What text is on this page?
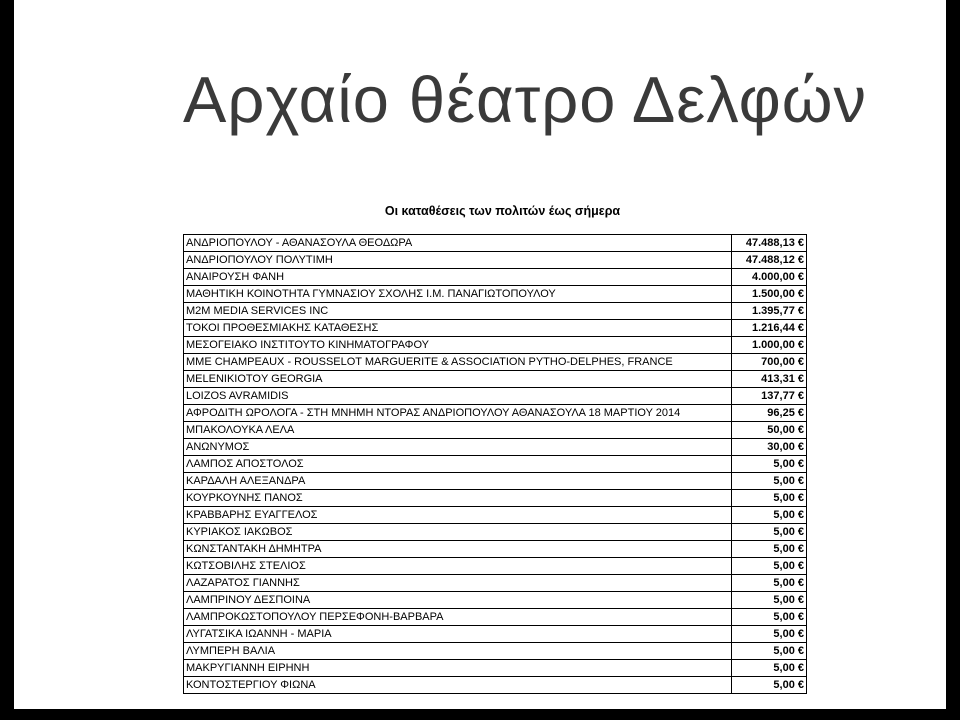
Αρχαίο θέατρο Δελφών
Οι καταθέσεις των πολιτών έως σήμερα
ΑΝΔΡΙΟΠΟΥΛΟΥ - ΑΘΑΝΑΣΟΥΛΑ ΘΕΟΔΩΡΑ	47.488,13 €
ΑΝΔΡΙΟΠΟΥΛΟΥ ΠΟΛΥΤΙΜΗ	47.488,12 €
ΑΝΑΙΡΟΥΣΗ ΦΑΝΗ	4.000,00 €
ΜΑΘΗΤΙΚΗ ΚΟΙΝΟΤΗΤΑ ΓΥΜΝΑΣΙΟΥ ΣΧΟΛΗΣ Ι.Μ. ΠΑΝΑΓΙΩΤΟΠΟΥΛΟΥ	1.500,00 €
M2M MEDIA SERVICES INC	1.395,77 €
ΤΟΚΟΙ ΠΡΟΘΕΣΜΙΑΚΗΣ ΚΑΤΑΘΕΣΗΣ	1.216,44 €
ΜΕΣΟΓΕΙΑΚΟ ΙΝΣΤΙΤΟΥΤΟ ΚΙΝΗΜΑΤΟΓΡΑΦΟΥ	1.000,00 €
MME CHAMPEAUX - ROUSSELOT MARGUERITE & ASSOCIATION PYTHO-DELPHES, FRANCE	700,00 €
MELENIKIOTOY GEORGIA	413,31 €
LOIZOS AVRAMIDIS	137,77 €
ΑΦΡΟΔΙΤΗ ΩΡΟΛΟΓΑ - ΣΤΗ ΜΝΗΜΗ ΝΤΟΡΑΣ ΑΝΔΡΙΟΠΟΥΛΟΥ ΑΘΑΝΑΣΟΥΛΑ 18 ΜΑΡΤΙΟΥ 2014	96,25 €
ΜΠΑΚΟΛΟΥΚΑ ΛΕΛΑ	50,00 €
ΑΝΩΝΥΜΟΣ	30,00 €
ΛΑΜΠΟΣ ΑΠΟΣΤΟΛΟΣ	5,00 €
ΚΑΡΔΑΛΗ ΑΛΕΞΑΝΔΡΑ	5,00 €
ΚΟΥΡΚΟΥΝΗΣ ΠΑΝΟΣ	5,00 €
ΚΡΑΒΒΑΡΗΣ ΕΥΑΓΓΕΛΟΣ	5,00 €
ΚΥΡΙΑΚΟΣ ΙΑΚΩΒΟΣ	5,00 €
ΚΩΝΣΤΑΝΤΑΚΗ ΔΗΜΗΤΡΑ	5,00 €
ΚΩΤΣΟΒΙΛΗΣ ΣΤΕΛΙΟΣ	5,00 €
ΛΑΖΑΡΑΤΟΣ ΓΙΑΝΝΗΣ	5,00 €
ΛΑΜΠΡΙΝΟΥ ΔΕΣΠΟΙΝΑ	5,00 €
ΛΑΜΠΡΟΚΩΣΤΟΠΟΥΛΟΥ ΠΕΡΣΕΦΟΝΗ-ΒΑΡΒΑΡΑ	5,00 €
ΛΥΓΑΤΣΙΚΑ ΙΩΑΝΝΗ - ΜΑΡΙΑ	5,00 €
ΛΥΜΠΕΡΗ ΒΑΛΙΑ	5,00 €
ΜΑΚΡΥΓΙΑΝΝΗ ΕΙΡΗΝΗ	5,00 €
ΚΟΝΤΟΣΤΕΡΓΙΟΥ ΦΙΩΝΑ	5,00 €
